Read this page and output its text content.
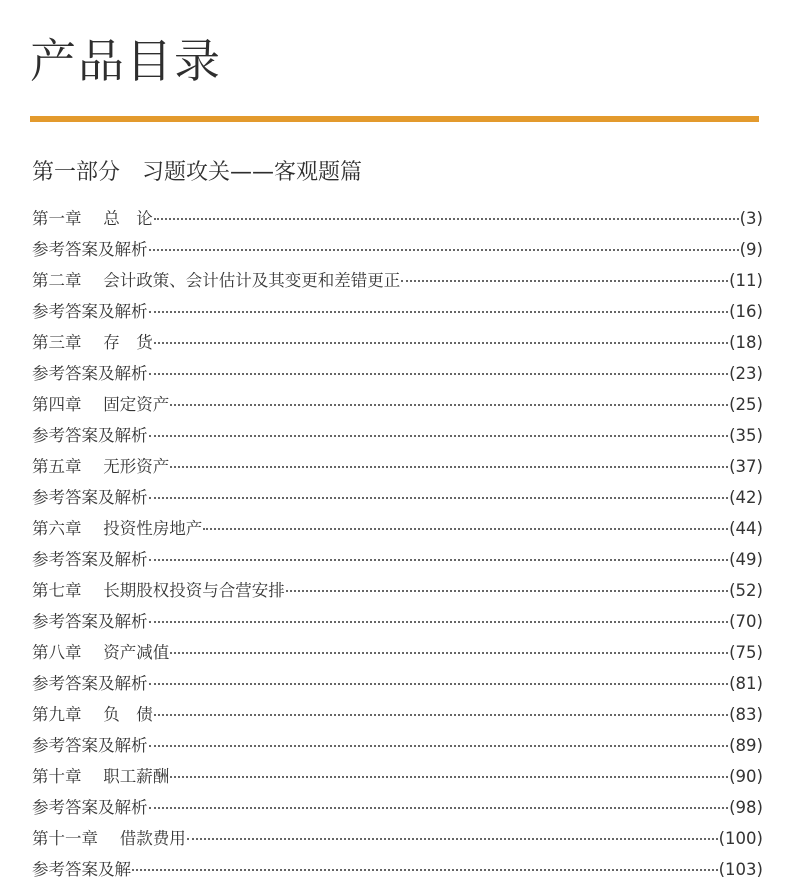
产品目录
第一部分　习题攻关——客观题篇
第一章　 总　论	(3)
参考答案及解析	(9)
第二章　 会计政策、会计估计及其变更和差错更正	(11)
参考答案及解析	(16)
第三章　 存　货	(18)
参考答案及解析	(23)
第四章　 固定资产	(25)
参考答案及解析	(35)
第五章　 无形资产	(37)
参考答案及解析	(42)
第六章　 投资性房地产	(44)
参考答案及解析	(49)
第七章　 长期股权投资与合营安排	(52)
参考答案及解析	(70)
第八章　 资产减值	(75)
参考答案及解析	(81)
第九章　 负　债	(83)
参考答案及解析	(89)
第十章　 职工薪酬	(90)
参考答案及解析	(98)
第十一章　 借款费用	(100)
参考答案及解	(103)
